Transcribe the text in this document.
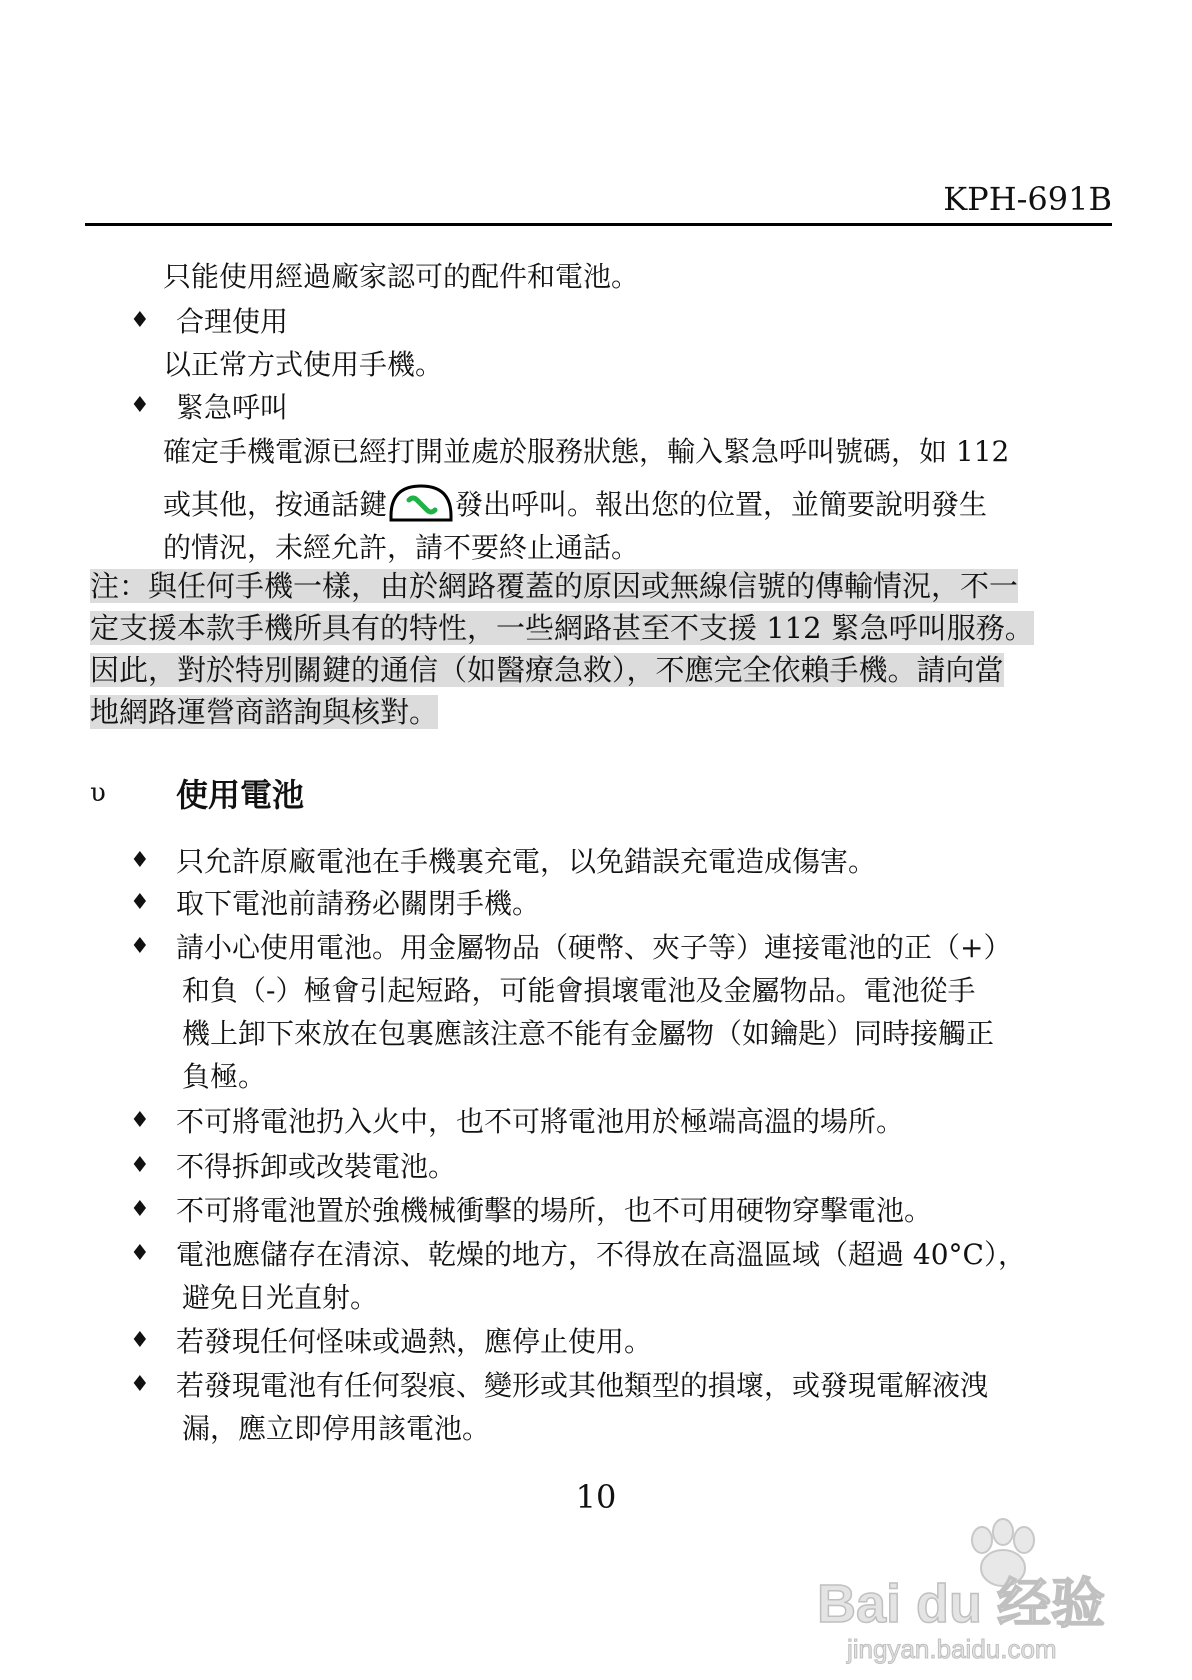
KPH-691B
只能使用經過廠家認可的配件和電池。
♦ 合理使用
以正常方式使用手機。
♦ 緊急呼叫
確定手機電源已經打開並處於服務狀態，輸入緊急呼叫號碼，如 112
或其他，按通話鍵 發出呼叫。報出您的位置，並簡要說明發生
的情況，未經允許，請不要終止通話。
注：與任何手機一樣，由於網路覆蓋的原因或無線信號的傳輸情況，不一
定支援本款手機所具有的特性，一些網路甚至不支援 112 緊急呼叫服務。
因此，對於特別關鍵的通信（如醫療急救），不應完全依賴手機。請向當
地網路運營商諮詢與核對。
υ 使用電池
♦ 只允許原廠電池在手機裏充電，以免錯誤充電造成傷害。
♦ 取下電池前請務必關閉手機。
♦ 請小心使用電池。用金屬物品（硬幣、夾子等）連接電池的正（+）
和負（-）極會引起短路，可能會損壞電池及金屬物品。電池從手
機上卸下來放在包裏應該注意不能有金屬物（如鑰匙）同時接觸正
負極。
♦ 不可將電池扔入火中，也不可將電池用於極端高溫的場所。
♦ 不得拆卸或改裝電池。
♦ 不可將電池置於強機械衝擊的場所，也不可用硬物穿擊電池。
♦ 電池應儲存在清涼、乾燥的地方，不得放在高溫區域（超過 40°C），
避免日光直射。
♦ 若發現任何怪味或過熱，應停止使用。
♦ 若發現電池有任何裂痕、變形或其他類型的損壞，或發現電解液洩
漏，應立即停用該電池。
10
Bai du 经验
jingyan.baidu.com
